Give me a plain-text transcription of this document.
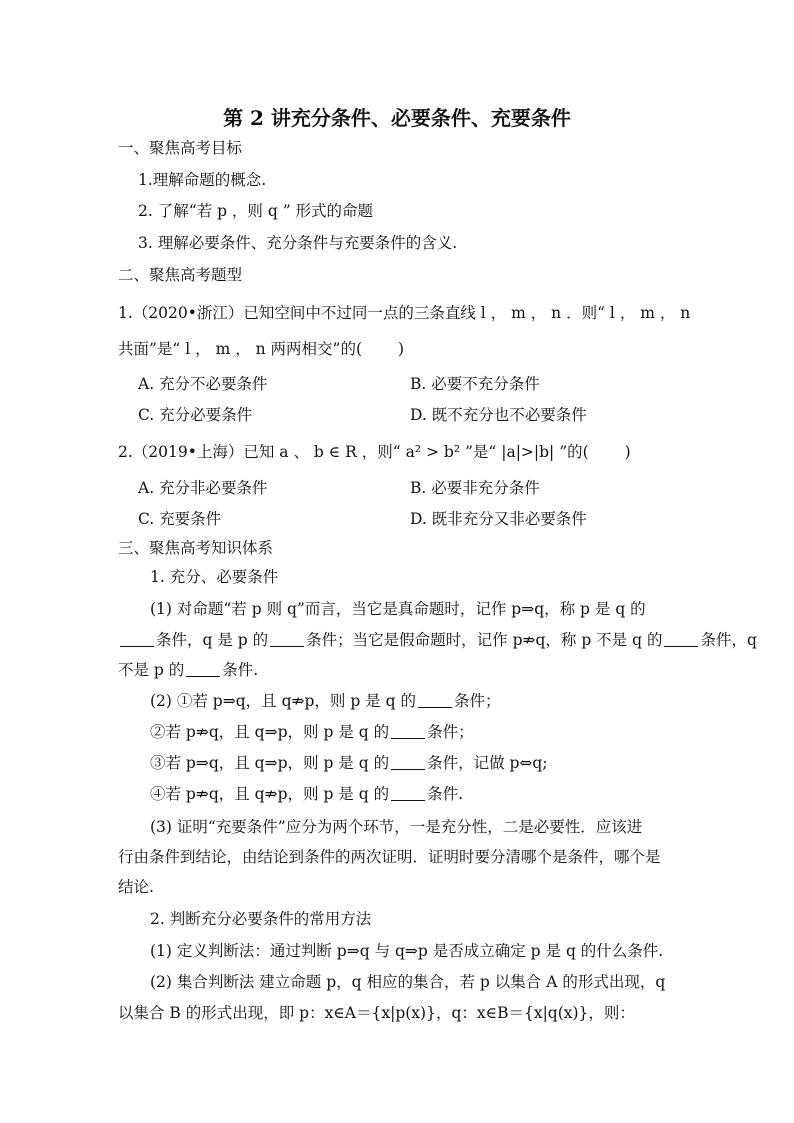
第 2 讲充分条件、必要条件、充要条件
一、聚焦高考目标
1.理解命题的概念.
2. 了解“若 p ，则 q ” 形式的命题
3. 理解必要条件、充分条件与充要条件的含义.
二、聚焦高考题型
1.（2020•浙江）已知空间中不过同一点的三条直线 l ， m ， n ．则“ l ， m ， n
共面”是“ l ， m ， n 两两相交”的( )
A. 充分不必要条件	B. 必要不充分条件
C. 充分必要条件	D. 既不充分也不必要条件
2.（2019•上海）已知 a 、 b ∈ R ，则“ a² > b² ”是“ |a|>|b| ”的( )
A. 充分非必要条件	B. 必要非充分条件
C. 充要条件	D. 既非充分又非必要条件
三、聚焦高考知识体系
1. 充分、必要条件
(1) 对命题“若 p 则 q”而言，当它是真命题时，记作 p⇒q，称 p 是 q 的
条件，q 是 p 的 条件；当它是假命题时，记作 p⇏q，称 p 不是 q 的 条件，q
不是 p 的 条件.
(2) ①若 p⇒q，且 q⇏p，则 p 是 q 的 条件；
②若 p⇏q，且 q⇒p，则 p 是 q 的 条件；
③若 p⇒q，且 q⇒p，则 p 是 q 的 条件，记做 p⇔q;
④若 p⇏q，且 q⇏p，则 p 是 q 的 条件.
(3) 证明“充要条件”应分为两个环节，一是充分性，二是必要性．应该进
行由条件到结论，由结论到条件的两次证明．证明时要分清哪个是条件，哪个是
结论.
2. 判断充分必要条件的常用方法
(1) 定义判断法：通过判断 p⇒q 与 q⇒p 是否成立确定 p 是 q 的什么条件.
(2) 集合判断法 建立命题 p，q 相应的集合，若 p 以集合 A 的形式出现，q
以集合 B 的形式出现，即 p：x∈A＝{x|p(x)}，q：x∈B＝{x|q(x)}，则：
